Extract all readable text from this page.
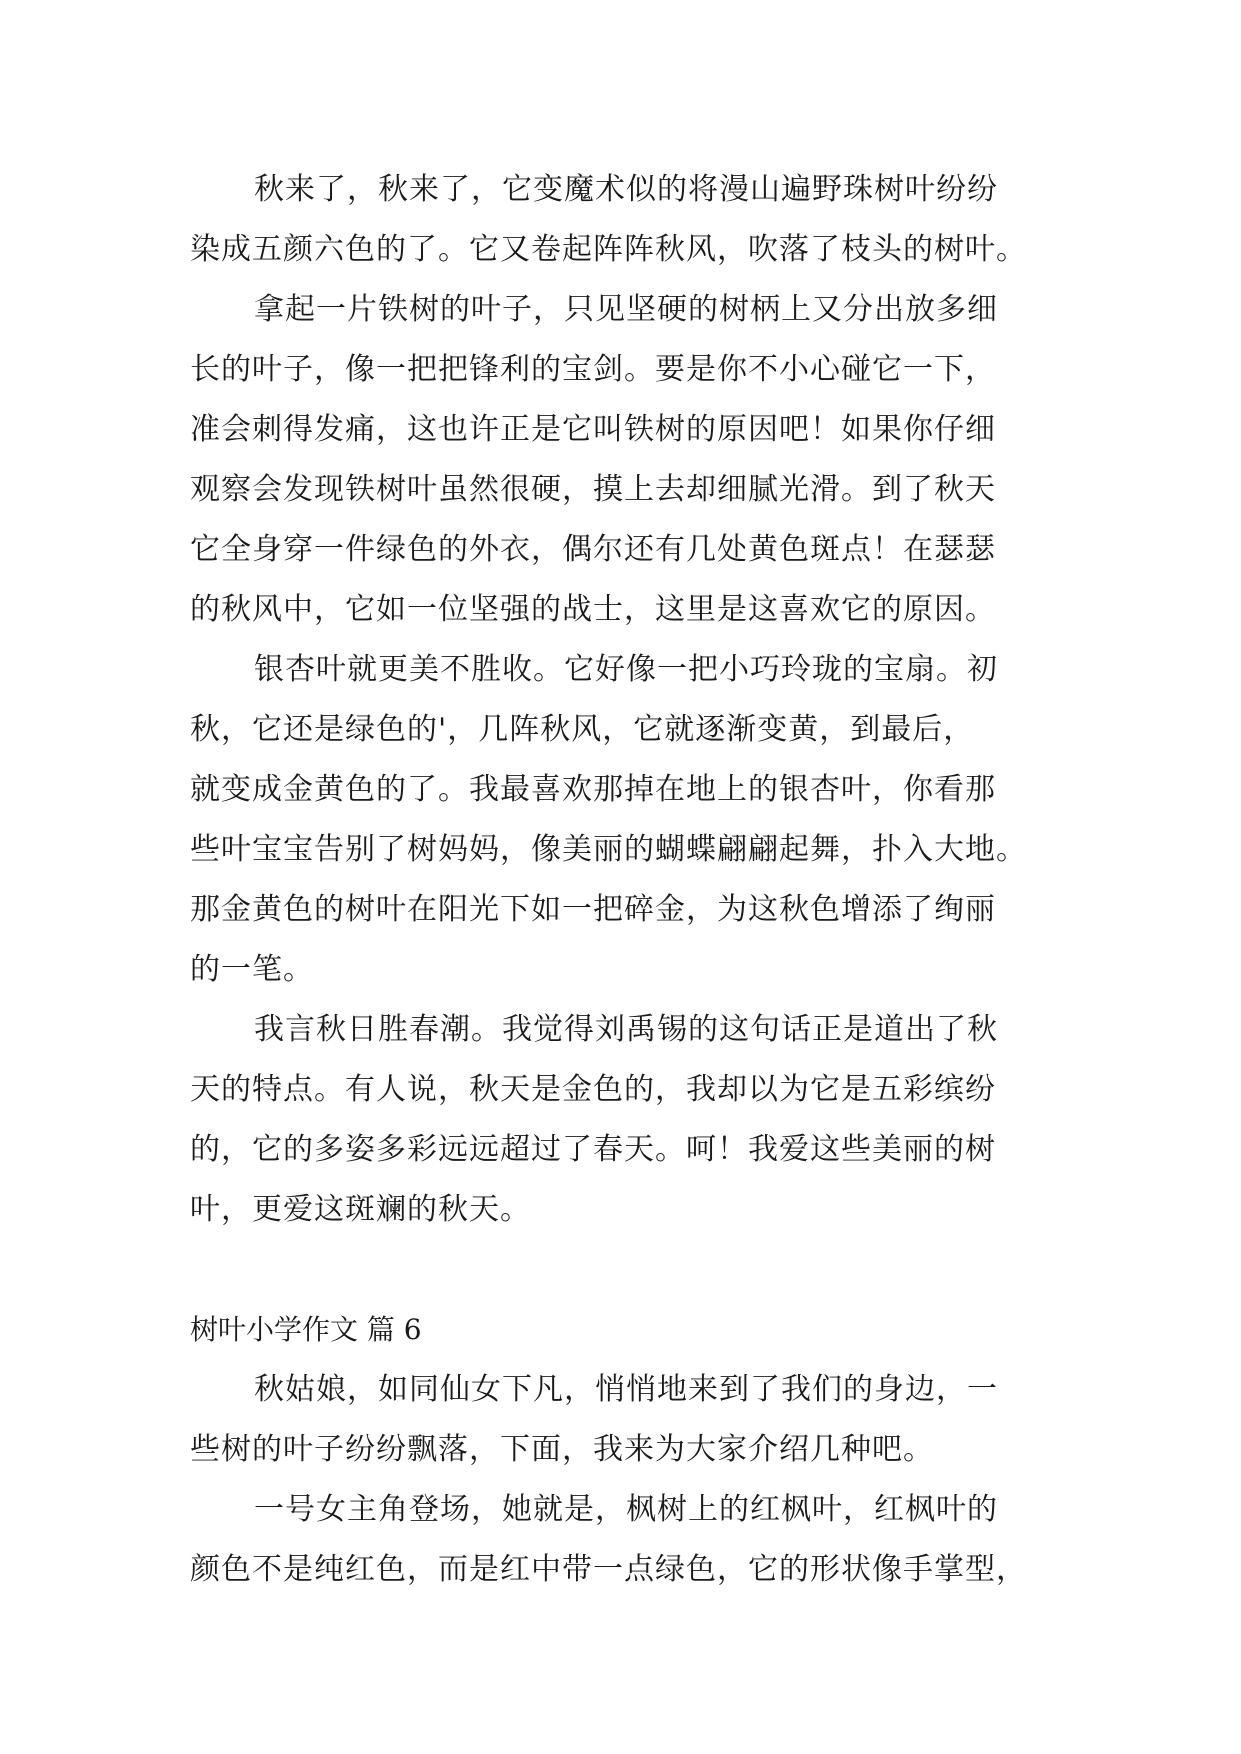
秋来了，秋来了，它变魔术似的将漫山遍野珠树叶纷纷
染成五颜六色的了。它又卷起阵阵秋风，吹落了枝头的树叶。
拿起一片铁树的叶子，只见坚硬的树柄上又分出放多细
长的叶子，像一把把锋利的宝剑。要是你不小心碰它一下，
准会刺得发痛，这也许正是它叫铁树的原因吧！如果你仔细
观察会发现铁树叶虽然很硬，摸上去却细腻光滑。到了秋天
它全身穿一件绿色的外衣，偶尔还有几处黄色斑点！在瑟瑟
的秋风中，它如一位坚强的战士，这里是这喜欢它的原因。
银杏叶就更美不胜收。它好像一把小巧玲珑的宝扇。初
秋，它还是绿色的'，几阵秋风，它就逐渐变黄，到最后，
就变成金黄色的了。我最喜欢那掉在地上的银杏叶，你看那
些叶宝宝告别了树妈妈，像美丽的蝴蝶翩翩起舞，扑入大地。
那金黄色的树叶在阳光下如一把碎金，为这秋色增添了绚丽
的一笔。
我言秋日胜春潮。我觉得刘禹锡的这句话正是道出了秋
天的特点。有人说，秋天是金色的，我却以为它是五彩缤纷
的，它的多姿多彩远远超过了春天。呵！我爱这些美丽的树
叶，更爱这斑斓的秋天。
树叶小学作文 篇 6
秋姑娘，如同仙女下凡，悄悄地来到了我们的身边，一
些树的叶子纷纷飘落，下面，我来为大家介绍几种吧。
一号女主角登场，她就是，枫树上的红枫叶，红枫叶的
颜色不是纯红色，而是红中带一点绿色，它的形状像手掌型，
